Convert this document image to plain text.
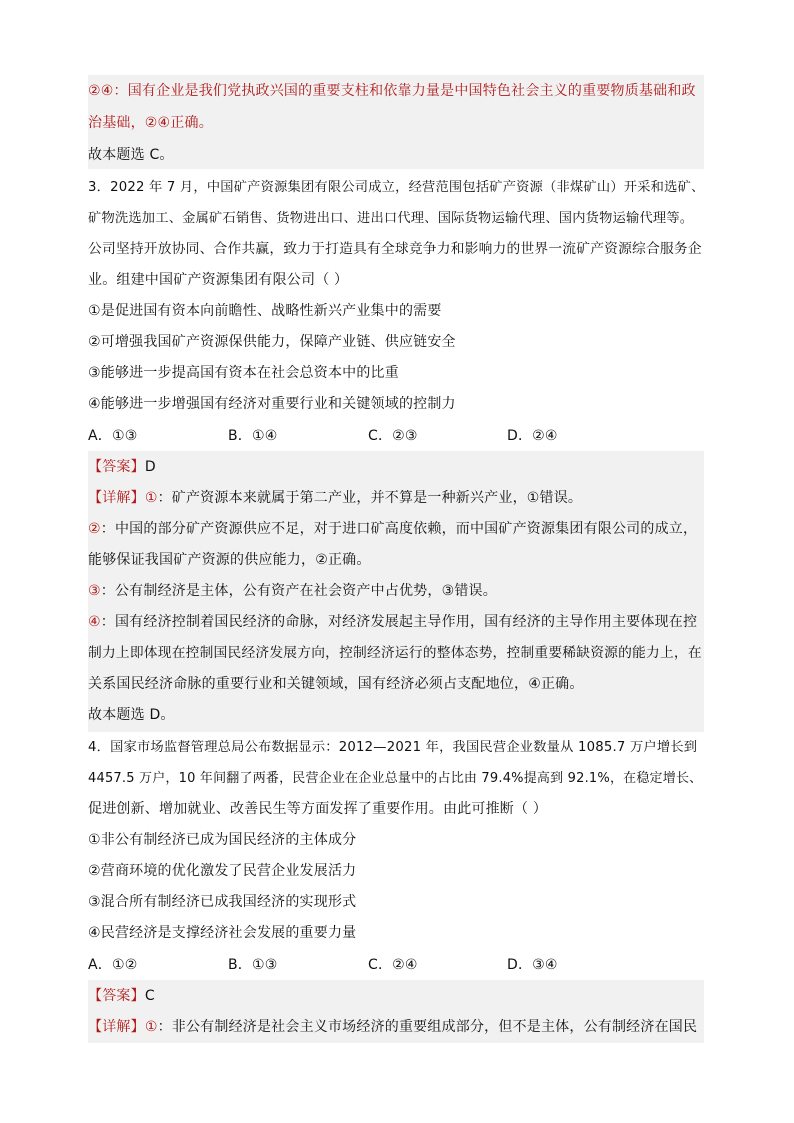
②④：国有企业是我们党执政兴国的重要支柱和依靠力量是中国特色社会主义的重要物质基础和政
治基础，②④正确。
故本题选 C。
3．2022 年 7 月，中国矿产资源集团有限公司成立，经营范围包括矿产资源（非煤矿山）开采和选矿、
矿物洗选加工、金属矿石销售、货物进出口、进出口代理、国际货物运输代理、国内货物运输代理等。
公司坚持开放协同、合作共赢，致力于打造具有全球竞争力和影响力的世界一流矿产资源综合服务企
业。组建中国矿产资源集团有限公司（ ）
①是促进国有资本向前瞻性、战略性新兴产业集中的需要
②可增强我国矿产资源保供能力，保障产业链、供应链安全
③能够进一步提高国有资本在社会总资本中的比重
④能够进一步增强国有经济对重要行业和关键领域的控制力
A．①③	B．①④	C．②③	D．②④
【答案】D
【详解】①：矿产资源本来就属于第二产业，并不算是一种新兴产业，①错误。
②：中国的部分矿产资源供应不足，对于进口矿高度依赖，而中国矿产资源集团有限公司的成立，
能够保证我国矿产资源的供应能力，②正确。
③：公有制经济是主体，公有资产在社会资产中占优势，③错误。
④：国有经济控制着国民经济的命脉，对经济发展起主导作用，国有经济的主导作用主要体现在控
制力上即体现在控制国民经济发展方向，控制经济运行的整体态势，控制重要稀缺资源的能力上，在
关系国民经济命脉的重要行业和关键领域，国有经济必须占支配地位，④正确。
故本题选 D。
4．国家市场监督管理总局公布数据显示：2012—2021 年，我国民营企业数量从 1085.7 万户增长到
4457.5 万户，10 年间翻了两番，民营企业在企业总量中的占比由 79.4%提高到 92.1%，在稳定增长、
促进创新、增加就业、改善民生等方面发挥了重要作用。由此可推断（ ）
①非公有制经济已成为国民经济的主体成分
②营商环境的优化激发了民营企业发展活力
③混合所有制经济已成我国经济的实现形式
④民营经济是支撑经济社会发展的重要力量
A．①②	B．①③	C．②④	D．③④
【答案】C
【详解】①：非公有制经济是社会主义市场经济的重要组成部分，但不是主体，公有制经济在国民
